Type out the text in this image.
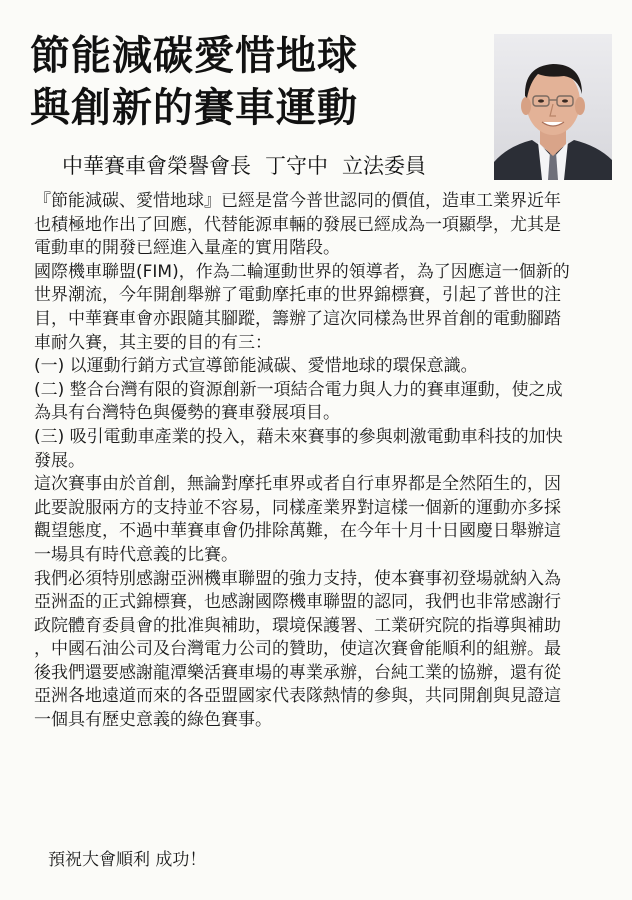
節能減碳愛惜地球
與創新的賽車運動
中華賽車會榮譽會長 丁守中 立法委員
『節能減碳、愛惜地球』已經是當今普世認同的價值，造車工業界近年
也積極地作出了回應，代替能源車輛的發展已經成為一項顯學，尤其是
電動車的開發已經進入量產的實用階段。
國際機車聯盟(FIM)，作為二輪運動世界的領導者，為了因應這一個新的
世界潮流，今年開創舉辦了電動摩托車的世界錦標賽，引起了普世的注
目，中華賽車會亦跟隨其腳蹤，籌辦了這次同樣為世界首創的電動腳踏
車耐久賽，其主要的目的有三：
(一) 以運動行銷方式宣導節能減碳、愛惜地球的環保意識。
(二) 整合台灣有限的資源創新一項結合電力與人力的賽車運動，使之成
為具有台灣特色與優勢的賽車發展項目。
(三) 吸引電動車產業的投入，藉未來賽事的參與刺激電動車科技的加快
發展。
這次賽事由於首創，無論對摩托車界或者自行車界都是全然陌生的，因
此要說服兩方的支持並不容易，同樣產業界對這樣一個新的運動亦多採
觀望態度，不過中華賽車會仍排除萬難，在今年十月十日國慶日舉辦這
一場具有時代意義的比賽。
我們必須特別感謝亞洲機車聯盟的強力支持，使本賽事初登場就納入為
亞洲盃的正式錦標賽，也感謝國際機車聯盟的認同，我們也非常感謝行
政院體育委員會的批准與補助，環境保護署、工業研究院的指導與補助
，中國石油公司及台灣電力公司的贊助，使這次賽會能順利的組辦。最
後我們還要感謝龍潭樂活賽車場的專業承辦，台純工業的協辦，還有從
亞洲各地遠道而來的各亞盟國家代表隊熱情的參與，共同開創與見證這
一個具有歷史意義的綠色賽事。
預祝大會順利 成功！
